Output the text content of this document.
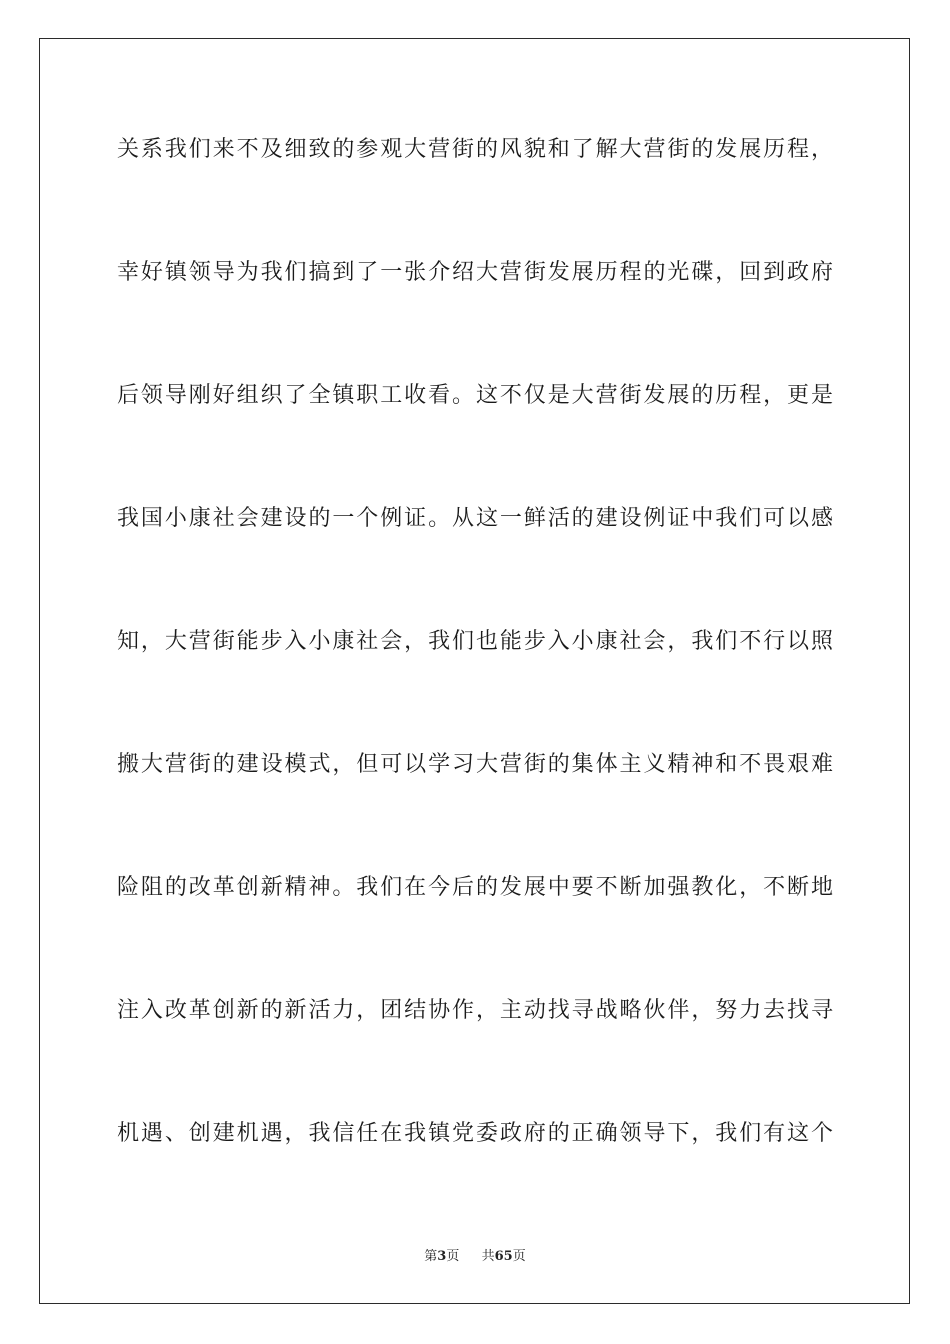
关系我们来不及细致的参观大营街的风貌和了解大营街的发展历程，
幸好镇领导为我们搞到了一张介绍大营街发展历程的光碟，回到政府
后领导刚好组织了全镇职工收看。这不仅是大营街发展的历程，更是
我国小康社会建设的一个例证。从这一鲜活的建设例证中我们可以感
知，大营街能步入小康社会，我们也能步入小康社会，我们不行以照
搬大营街的建设模式，但可以学习大营街的集体主义精神和不畏艰难
险阻的改革创新精神。我们在今后的发展中要不断加强教化，不断地
注入改革创新的新活力，团结协作，主动找寻战略伙伴，努力去找寻
机遇、创建机遇，我信任在我镇党委政府的正确领导下，我们有这个
第3页 共65页
